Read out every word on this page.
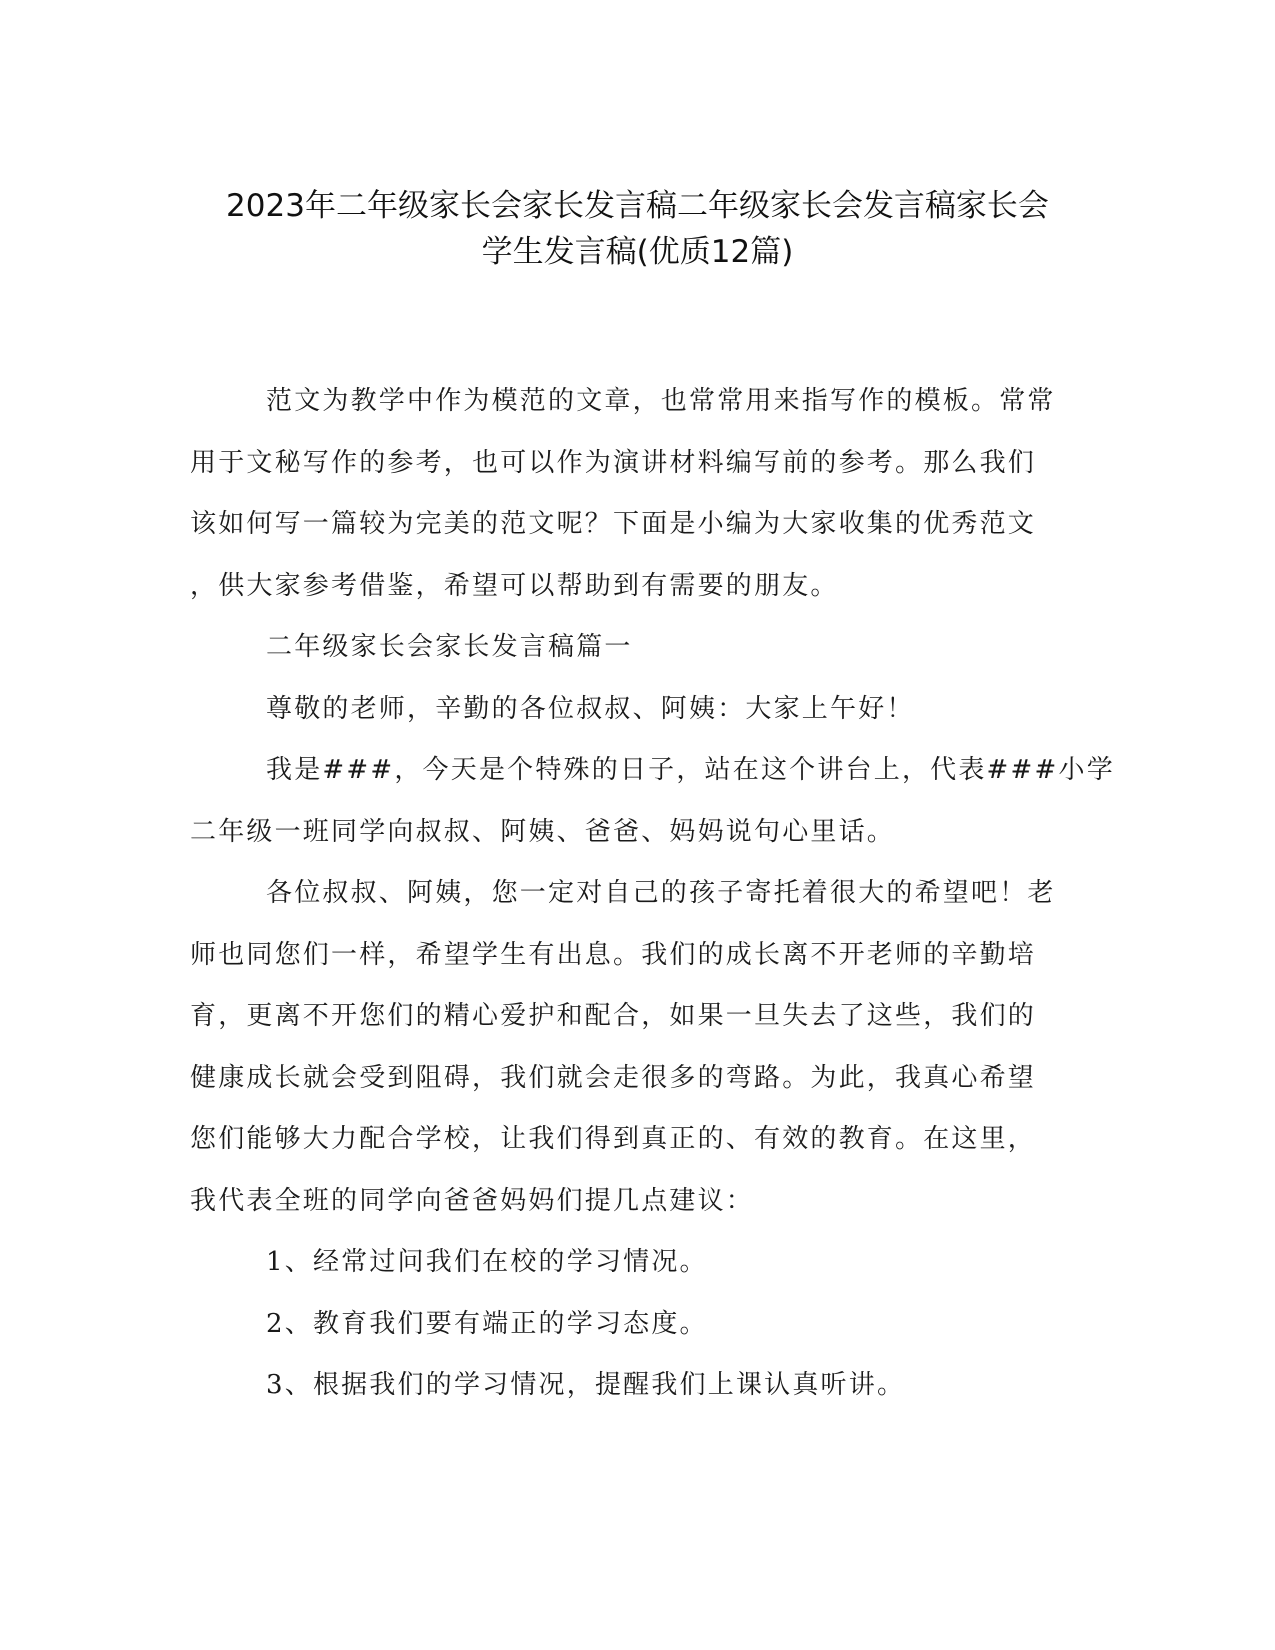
2023年二年级家长会家长发言稿二年级家长会发言稿家长会
学生发言稿(优质12篇)

范文为教学中作为模范的文章，也常常用来指写作的模板。常常
用于文秘写作的参考，也可以作为演讲材料编写前的参考。那么我们
该如何写一篇较为完美的范文呢？下面是小编为大家收集的优秀范文
，供大家参考借鉴，希望可以帮助到有需要的朋友。
二年级家长会家长发言稿篇一
尊敬的老师，辛勤的各位叔叔、阿姨：大家上午好！
我是###，今天是个特殊的日子，站在这个讲台上，代表###小学
二年级一班同学向叔叔、阿姨、爸爸、妈妈说句心里话。
各位叔叔、阿姨，您一定对自己的孩子寄托着很大的希望吧！老
师也同您们一样，希望学生有出息。我们的成长离不开老师的辛勤培
育，更离不开您们的精心爱护和配合，如果一旦失去了这些，我们的
健康成长就会受到阻碍，我们就会走很多的弯路。为此，我真心希望
您们能够大力配合学校，让我们得到真正的、有效的教育。在这里，
我代表全班的同学向爸爸妈妈们提几点建议：
1、经常过问我们在校的学习情况。
2、教育我们要有端正的学习态度。
3、根据我们的学习情况，提醒我们上课认真听讲。
